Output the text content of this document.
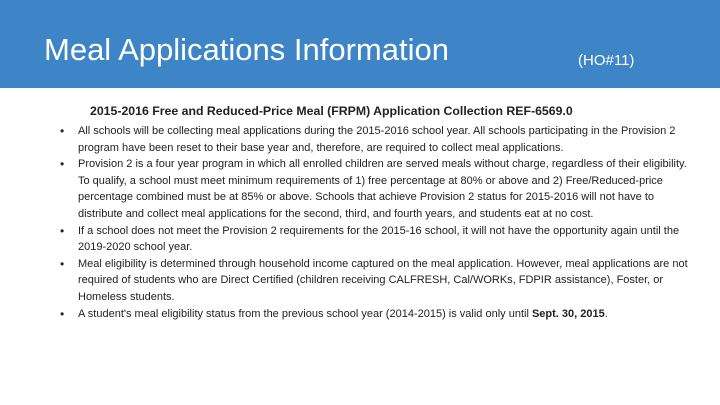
Meal Applications Information	(HO#11)
2015-2016 Free and Reduced-Price Meal (FRPM) Application Collection REF-6569.0
• All schools will be collecting meal applications during the 2015-2016 school year. All schools participating in the Provision 2 program have been reset to their base year and, therefore, are required to collect meal applications.
• Provision 2 is a four year program in which all enrolled children are served meals without charge, regardless of their eligibility. To qualify, a school must meet minimum requirements of 1) free percentage at 80% or above and 2) Free/Reduced-price percentage combined must be at 85% or above. Schools that achieve Provision 2 status for 2015-2016 will not have to distribute and collect meal applications for the second, third, and fourth years, and students eat at no cost.
• If a school does not meet the Provision 2 requirements for the 2015-16 school, it will not have the opportunity again until the 2019-2020 school year.
• Meal eligibility is determined through household income captured on the meal application. However, meal applications are not required of students who are Direct Certified (children receiving CALFRESH, Cal/WORKs, FDPIR assistance), Foster, or Homeless students.
• A student's meal eligibility status from the previous school year (2014-2015) is valid only until Sept. 30, 2015.
